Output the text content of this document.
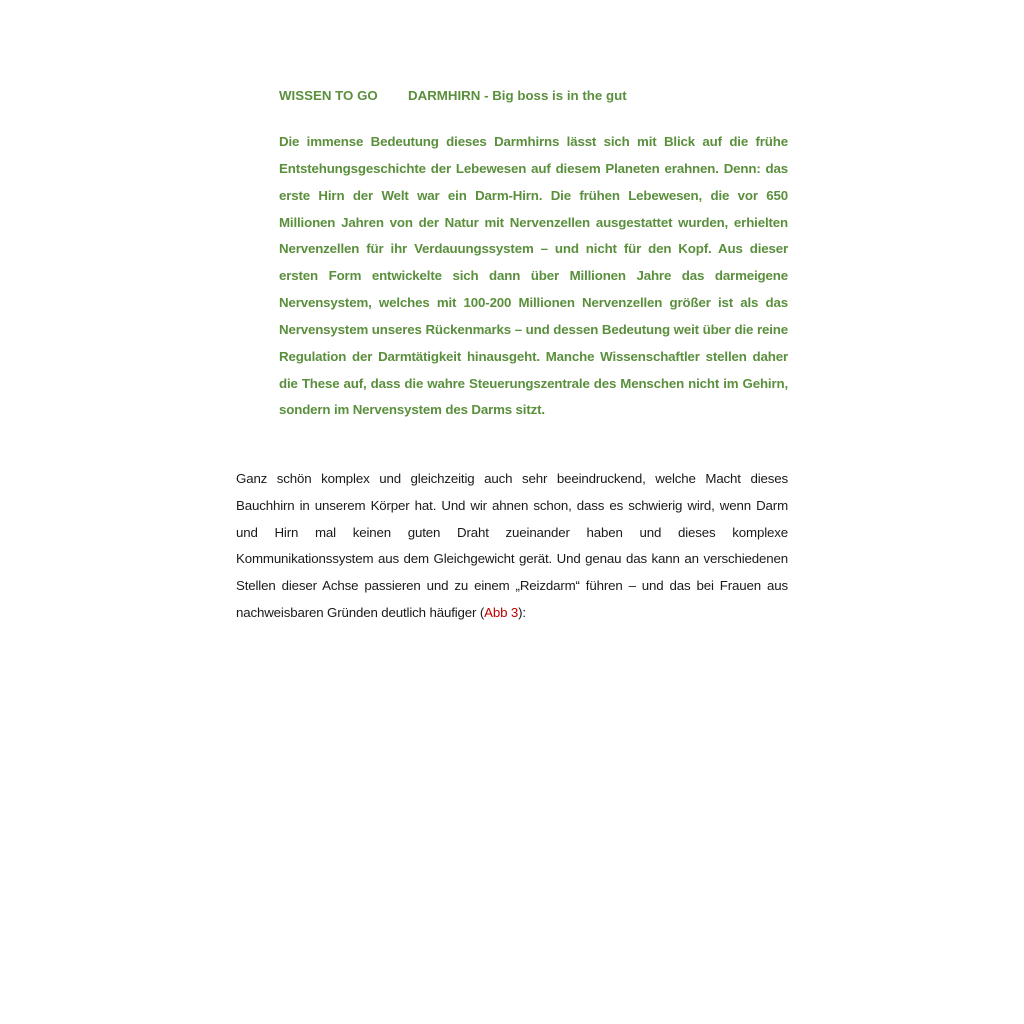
WISSEN TO GO	DARMHIRN - Big boss is in the gut

Die immense Bedeutung dieses Darmhirns lässt sich mit Blick auf die frühe Entstehungsgeschichte der Lebewesen auf diesem Planeten erahnen. Denn: das erste Hirn der Welt war ein Darm-Hirn. Die frühen Lebewesen, die vor 650 Millionen Jahren von der Natur mit Nervenzellen ausgestattet wurden, erhielten Nervenzellen für ihr Verdauungssystem – und nicht für den Kopf. Aus dieser ersten Form entwickelte sich dann über Millionen Jahre das darmeigene Nervensystem, welches mit 100-200 Millionen Nervenzellen größer ist als das Nervensystem unseres Rückenmarks – und dessen Bedeutung weit über die reine Regulation der Darmtätigkeit hinausgeht. Manche Wissenschaftler stellen daher die These auf, dass die wahre Steuerungszentrale des Menschen nicht im Gehirn, sondern im Nervensystem des Darms sitzt.

Ganz schön komplex und gleichzeitig auch sehr beeindruckend, welche Macht dieses Bauchhirn in unserem Körper hat. Und wir ahnen schon, dass es schwierig wird, wenn Darm und Hirn mal keinen guten Draht zueinander haben und dieses komplexe Kommunikationssystem aus dem Gleichgewicht gerät. Und genau das kann an verschiedenen Stellen dieser Achse passieren und zu einem „Reizdarm“ führen – und das bei Frauen aus nachweisbaren Gründen deutlich häufiger (Abb 3):
